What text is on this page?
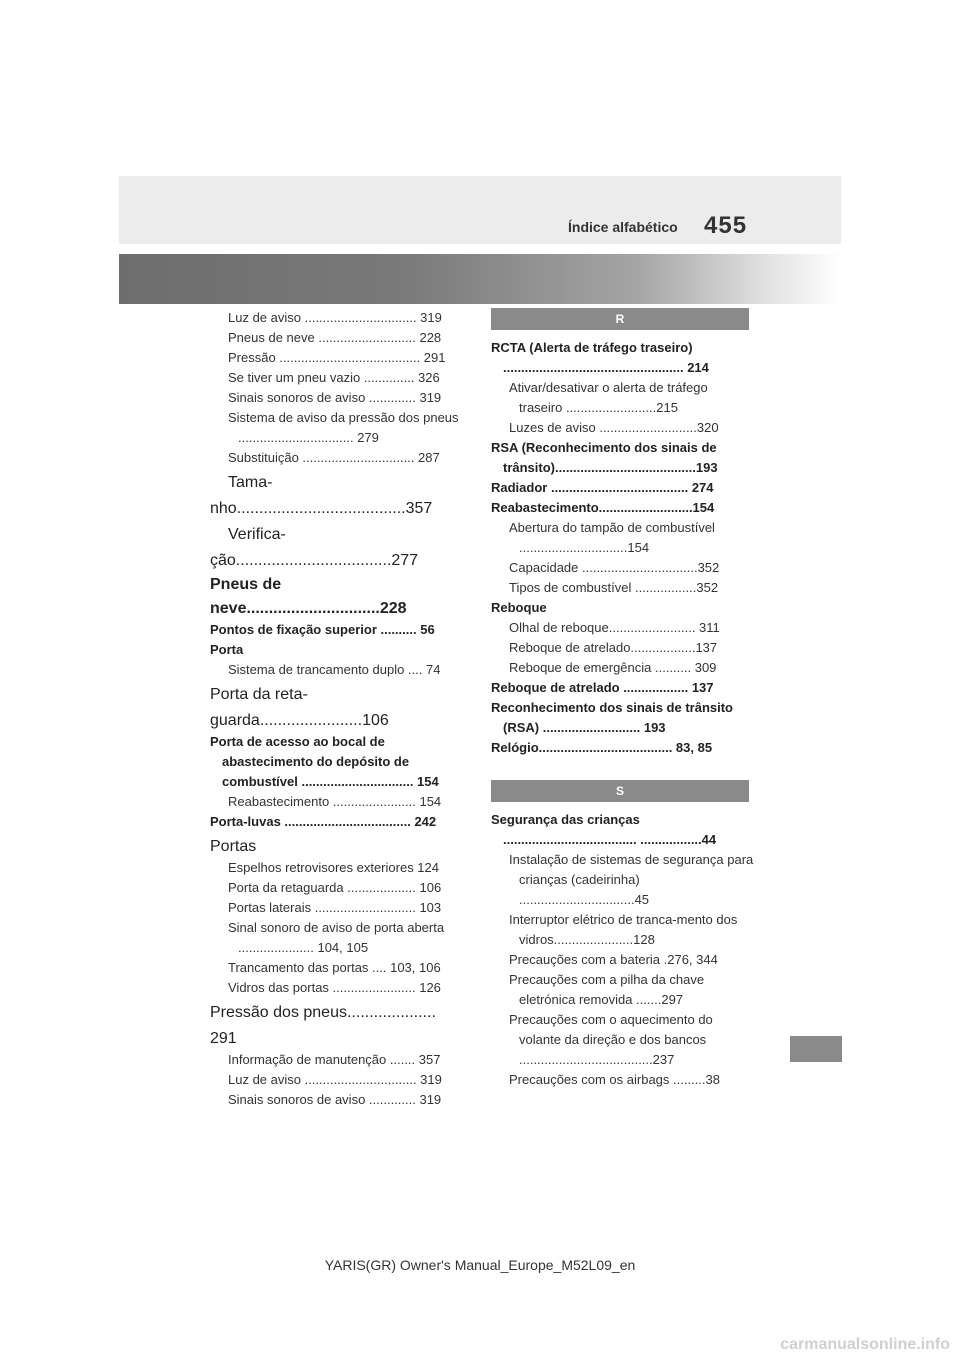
Índice alfabético 455
Luz de aviso ............................... 319
Pneus de neve ........................... 228
Pressão ....................................... 291
Se tiver um pneu vazio .............. 326
Sinais sonoros de aviso ............. 319
Sistema de aviso da pressão dos pneus ................................ 279
Substituição ............................... 287
Tama-
nho......................................357
Verifica-
ção...................................277
Pneus de
neve..............................228
Pontos de fixação superior .......... 56
Porta
Sistema de trancamento duplo .... 74
Porta da reta-
guarda.......................106
Porta de acesso ao bocal de abastecimento do depósito de combustível ............................... 154
Reabastecimento ....................... 154
Porta-luvas ................................... 242
Portas
Espelhos retrovisores exteriores 124
Porta da retaguarda ................... 106
Portas laterais ............................ 103
Sinal sonoro de aviso de porta aberta ..................... 104, 105
Trancamento das portas .... 103, 106
Vidros das portas ....................... 126
Pressão dos pneus....................
291
Informação de manutenção ....... 357
Luz de aviso ............................... 319
Sinais sonoros de aviso ............. 319
R
RCTA (Alerta de tráfego traseiro) .................................................. 214
Ativar/desativar o alerta de tráfego traseiro .........................215
Luzes de aviso ...........................320
RSA (Reconhecimento dos sinais de trânsito).......................................193
Radiador ...................................... 274
Reabastecimento..........................154
Abertura do tampão de combustível ..............................154
Capacidade ................................352
Tipos de combustível .................352
Reboque
Olhal de reboque........................ 311
Reboque de atrelado..................137
Reboque de emergência .......... 309
Reboque de atrelado .................. 137
Reconhecimento dos sinais de trânsito (RSA) ........................... 193
Relógio..................................... 83, 85
S
Segurança das crianças ..................................... .................44
Instalação de sistemas de segurança para crianças (cadeirinha) ................................45
Interruptor elétrico de tranca-mento dos vidros......................128
Precauções com a bateria .276, 344
Precauções com a pilha da chave eletrónica removida .......297
Precauções com o aquecimento do volante da direção e dos bancos .....................................237
Precauções com os airbags .........38
YARIS(GR) Owner's Manual_Europe_M52L09_en
carmanualsonline.info
